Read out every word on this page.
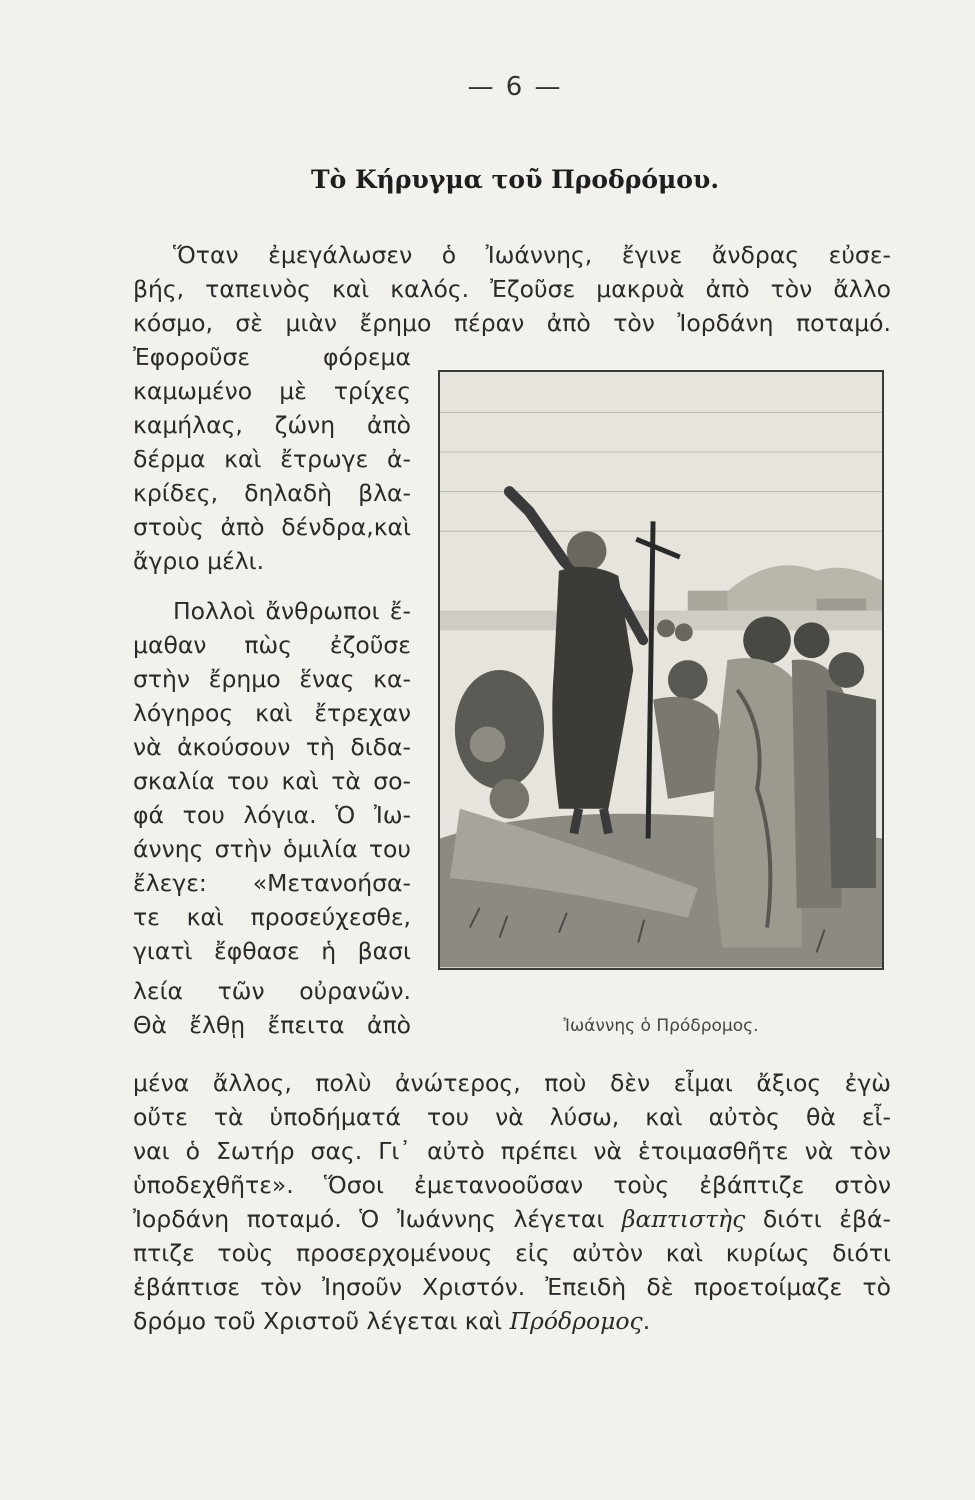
— 6 —
Τὸ Κήρυγμα τοῦ Προδρόμου.
Ὅταν ἐμεγάλωσεν ὁ Ἰωάννης, ἔγινε ἄνδρας εὐσε-
βής, ταπεινὸς καὶ καλός. Ἐζοῦσε μακρυὰ ἀπὸ τὸν ἄλλο
κόσμο, σὲ μιὰν ἔρημο πέραν ἀπὸ τὸν Ἰορδάνη ποταμό.
Ἐφοροῦσε φόρεμα
καμωμένο μὲ τρίχες
καμήλας, ζώνη ἀπὸ
δέρμα καὶ ἔτρωγε ἀ-
κρίδες, δηλαδὴ βλα-
στοὺς ἀπὸ δένδρα,καὶ
ἄγριο μέλι.
Πολλοὶ ἄνθρωποι ἔ-
μαθαν πὼς ἐζοῦσε
στὴν ἔρημο ἕνας κα-
λόγηρος καὶ ἔτρεχαν
νὰ ἀκούσουν τὴ διδα-
σκαλία του καὶ τὰ σο-
φά του λόγια. Ὁ Ἰω-
άννης στὴν ὁμιλία του
ἔλεγε: «Μετανοήσα-
τε καὶ προσεύχεσθε,
γιατὶ ἔφθασε ἡ βασι
λεία τῶν οὐρανῶν.
Θὰ ἔλθῃ ἔπειτα ἀπὸ	Ἰωάννης ὁ Πρόδρομος.
μένα ἄλλος, πολὺ ἀνώτερος, ποὺ δὲν εἶμαι ἄξιος ἐγὼ
οὔτε τὰ ὑποδήματά του νὰ λύσω, καὶ αὐτὸς θὰ εἶ-
ναι ὁ Σωτήρ σας. Γι᾽ αὐτὸ πρέπει νὰ ἑτοιμασθῆτε νὰ τὸν
ὑποδεχθῆτε». Ὅσοι ἐμετανοοῦσαν τοὺς ἐβάπτιζε στὸν
Ἰορδάνη ποταμό. Ὁ Ἰωάννης λέγεται βαπτιστὴς διότι ἐβά-
πτιζε τοὺς προσερχομένους εἰς αὐτὸν καὶ κυρίως διότι
ἐβάπτισε τὸν Ἰησοῦν Χριστόν. Ἐπειδὴ δὲ προετοίμαζε τὸ
δρόμο τοῦ Χριστοῦ λέγεται καὶ Πρόδρομος.
